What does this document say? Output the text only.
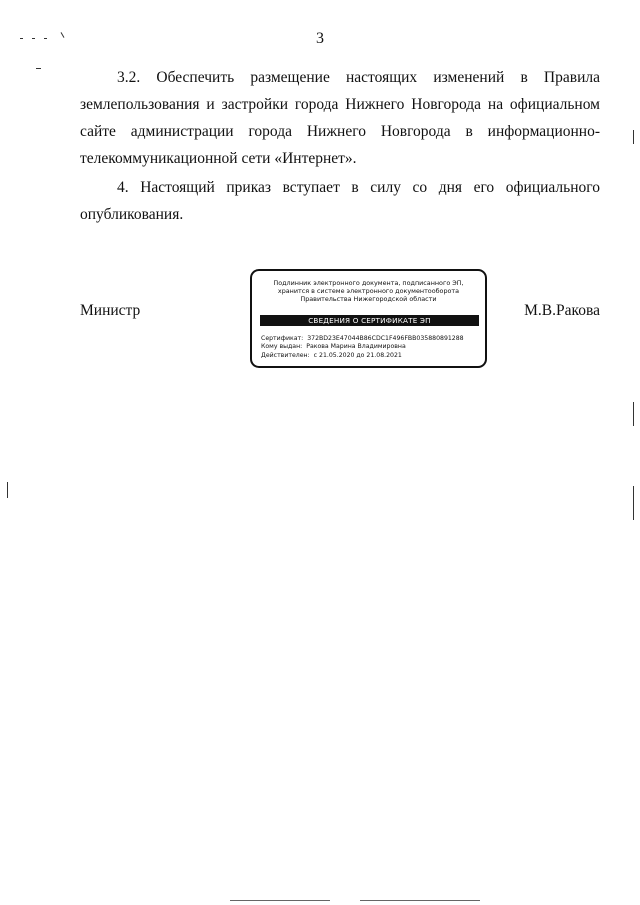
3

3.2. Обеспечить размещение настоящих изменений в Правила землепользования и застройки города Нижнего Новгорода на официальном сайте администрации города Нижнего Новгорода в информационно-телекоммуникационной сети «Интернет».

4. Настоящий приказ вступает в силу со дня его официального опубликования.

Министр	М.В.Ракова
Подлинник электронного документа, подписанного ЭП,
хранится в системе электронного документооборота
Правительства Нижегородской области
СВЕДЕНИЯ О СЕРТИФИКАТЕ ЭП
Сертификат: 372BD23E47044B86CDC1F496FBB035880891288
Кому выдан: Ракова Марина Владимировна
Действителен: с 21.05.2020 до 21.08.2021
